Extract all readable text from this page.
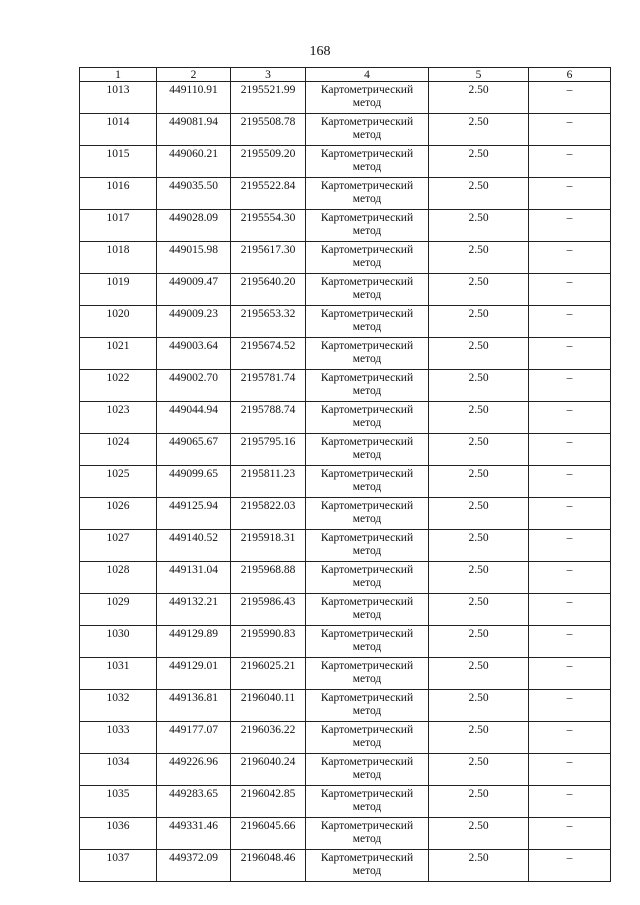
168
1	2	3	4	5	6
1013	449110.91	2195521.99	Картометрический метод	2.50	–
1014	449081.94	2195508.78	Картометрический метод	2.50	–
1015	449060.21	2195509.20	Картометрический метод	2.50	–
1016	449035.50	2195522.84	Картометрический метод	2.50	–
1017	449028.09	2195554.30	Картометрический метод	2.50	–
1018	449015.98	2195617.30	Картометрический метод	2.50	–
1019	449009.47	2195640.20	Картометрический метод	2.50	–
1020	449009.23	2195653.32	Картометрический метод	2.50	–
1021	449003.64	2195674.52	Картометрический метод	2.50	–
1022	449002.70	2195781.74	Картометрический метод	2.50	–
1023	449044.94	2195788.74	Картометрический метод	2.50	–
1024	449065.67	2195795.16	Картометрический метод	2.50	–
1025	449099.65	2195811.23	Картометрический метод	2.50	–
1026	449125.94	2195822.03	Картометрический метод	2.50	–
1027	449140.52	2195918.31	Картометрический метод	2.50	–
1028	449131.04	2195968.88	Картометрический метод	2.50	–
1029	449132.21	2195986.43	Картометрический метод	2.50	–
1030	449129.89	2195990.83	Картометрический метод	2.50	–
1031	449129.01	2196025.21	Картометрический метод	2.50	–
1032	449136.81	2196040.11	Картометрический метод	2.50	–
1033	449177.07	2196036.22	Картометрический метод	2.50	–
1034	449226.96	2196040.24	Картометрический метод	2.50	–
1035	449283.65	2196042.85	Картометрический метод	2.50	–
1036	449331.46	2196045.66	Картометрический метод	2.50	–
1037	449372.09	2196048.46	Картометрический метод	2.50	–
